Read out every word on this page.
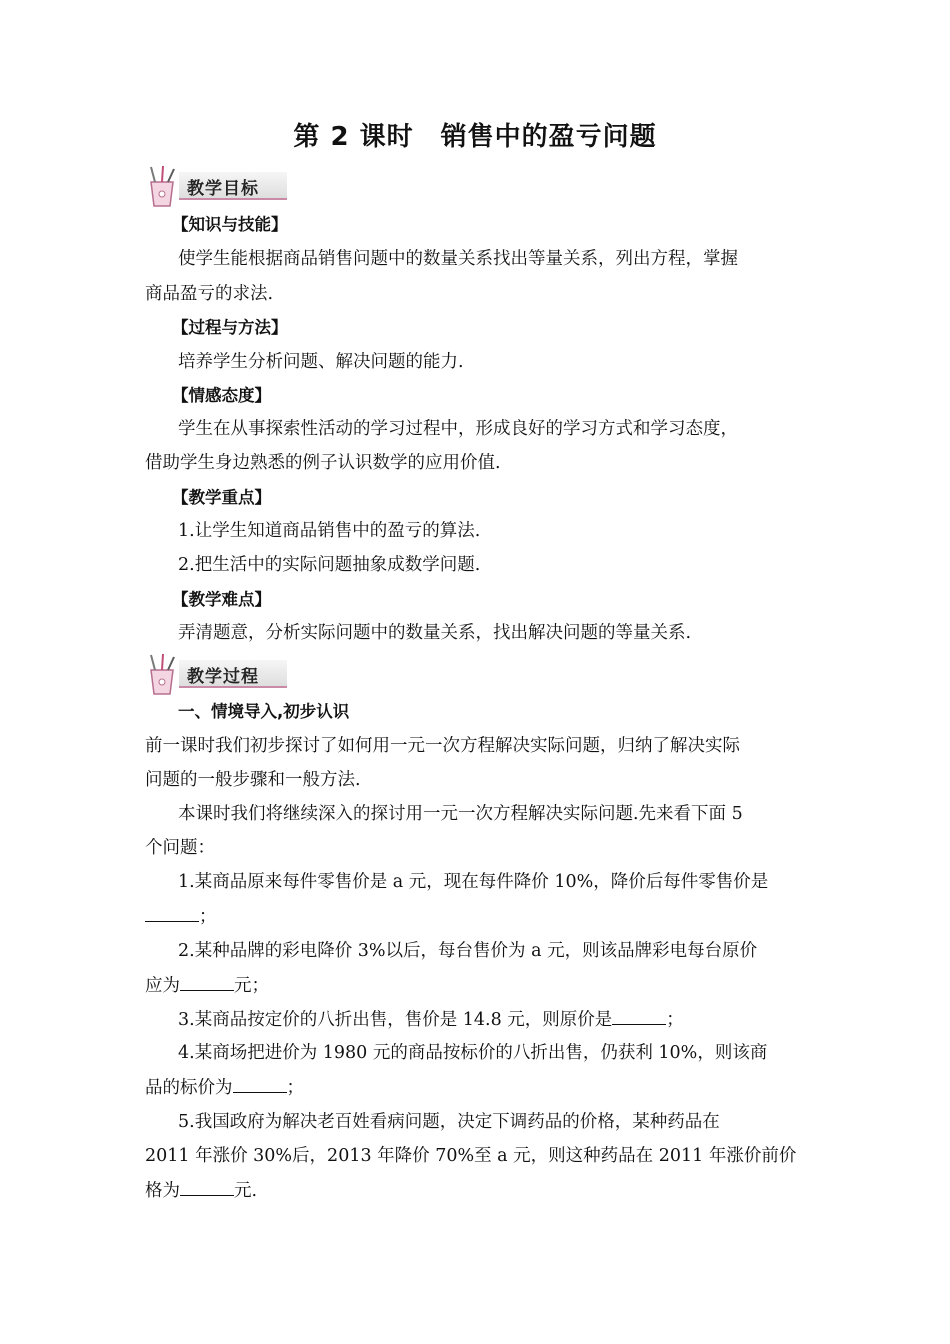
第 2 课时　销售中的盈亏问题
教学目标
【知识与技能】
使学生能根据商品销售问题中的数量关系找出等量关系，列出方程，掌握
商品盈亏的求法.
【过程与方法】
培养学生分析问题、解决问题的能力.
【情感态度】
学生在从事探索性活动的学习过程中，形成良好的学习方式和学习态度，
借助学生身边熟悉的例子认识数学的应用价值.
【教学重点】
1.让学生知道商品销售中的盈亏的算法.
2.把生活中的实际问题抽象成数学问题.
【教学难点】
弄清题意，分析实际问题中的数量关系，找出解决问题的等量关系.
教学过程
一、情境导入,初步认识
前一课时我们初步探讨了如何用一元一次方程解决实际问题，归纳了解决实际
问题的一般步骤和一般方法.
本课时我们将继续深入的探讨用一元一次方程解决实际问题.先来看下面 5
个问题：
1.某商品原来每件零售价是 a 元，现在每件降价 10%，降价后每件零售价是
；
2.某种品牌的彩电降价 3%以后，每台售价为 a 元，则该品牌彩电每台原价
应为	元；
3.某商品按定价的八折出售，售价是 14.8 元，则原价是	；
4.某商场把进价为 1980 元的商品按标价的八折出售，仍获利 10%，则该商
品的标价为	；
5.我国政府为解决老百姓看病问题，决定下调药品的价格，某种药品在
2011 年涨价 30%后，2013 年降价 70%至 a 元，则这种药品在 2011 年涨价前价
格为	元.
